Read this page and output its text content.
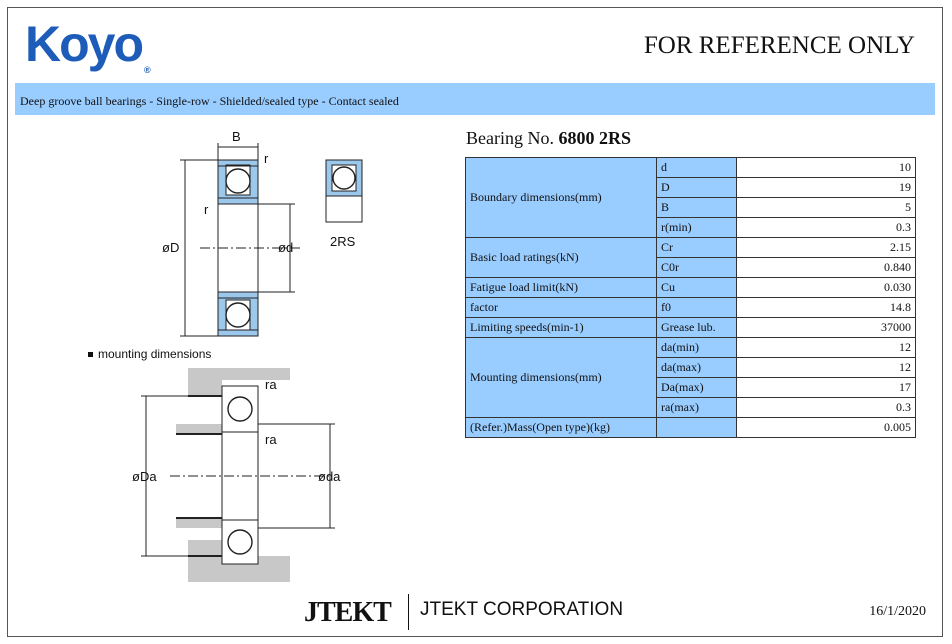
Koyo ®
FOR REFERENCE ONLY
Deep groove ball bearings - Single-row - Shielded/sealed type - Contact sealed
B
r
r
øD	ød	2RS
ra
ra
øDa	øda
mounting dimensions
Bearing No. 6800 2RS
Boundary dimensions(mm)	d	10
	D	19
	B	5
	r(min)	0.3
Basic load ratings(kN)	Cr	2.15
	C0r	0.840
Fatigue load limit(kN)	Cu	0.030
factor	f0	14.8
Limiting speeds(min-1)	Grease lub.	37000
Mounting dimensions(mm)	da(min)	12
	da(max)	12
	Da(max)	17
	ra(max)	0.3
(Refer.)Mass(Open type)(kg)		0.005
JTEKT JTEKT CORPORATION	16/1/2020
